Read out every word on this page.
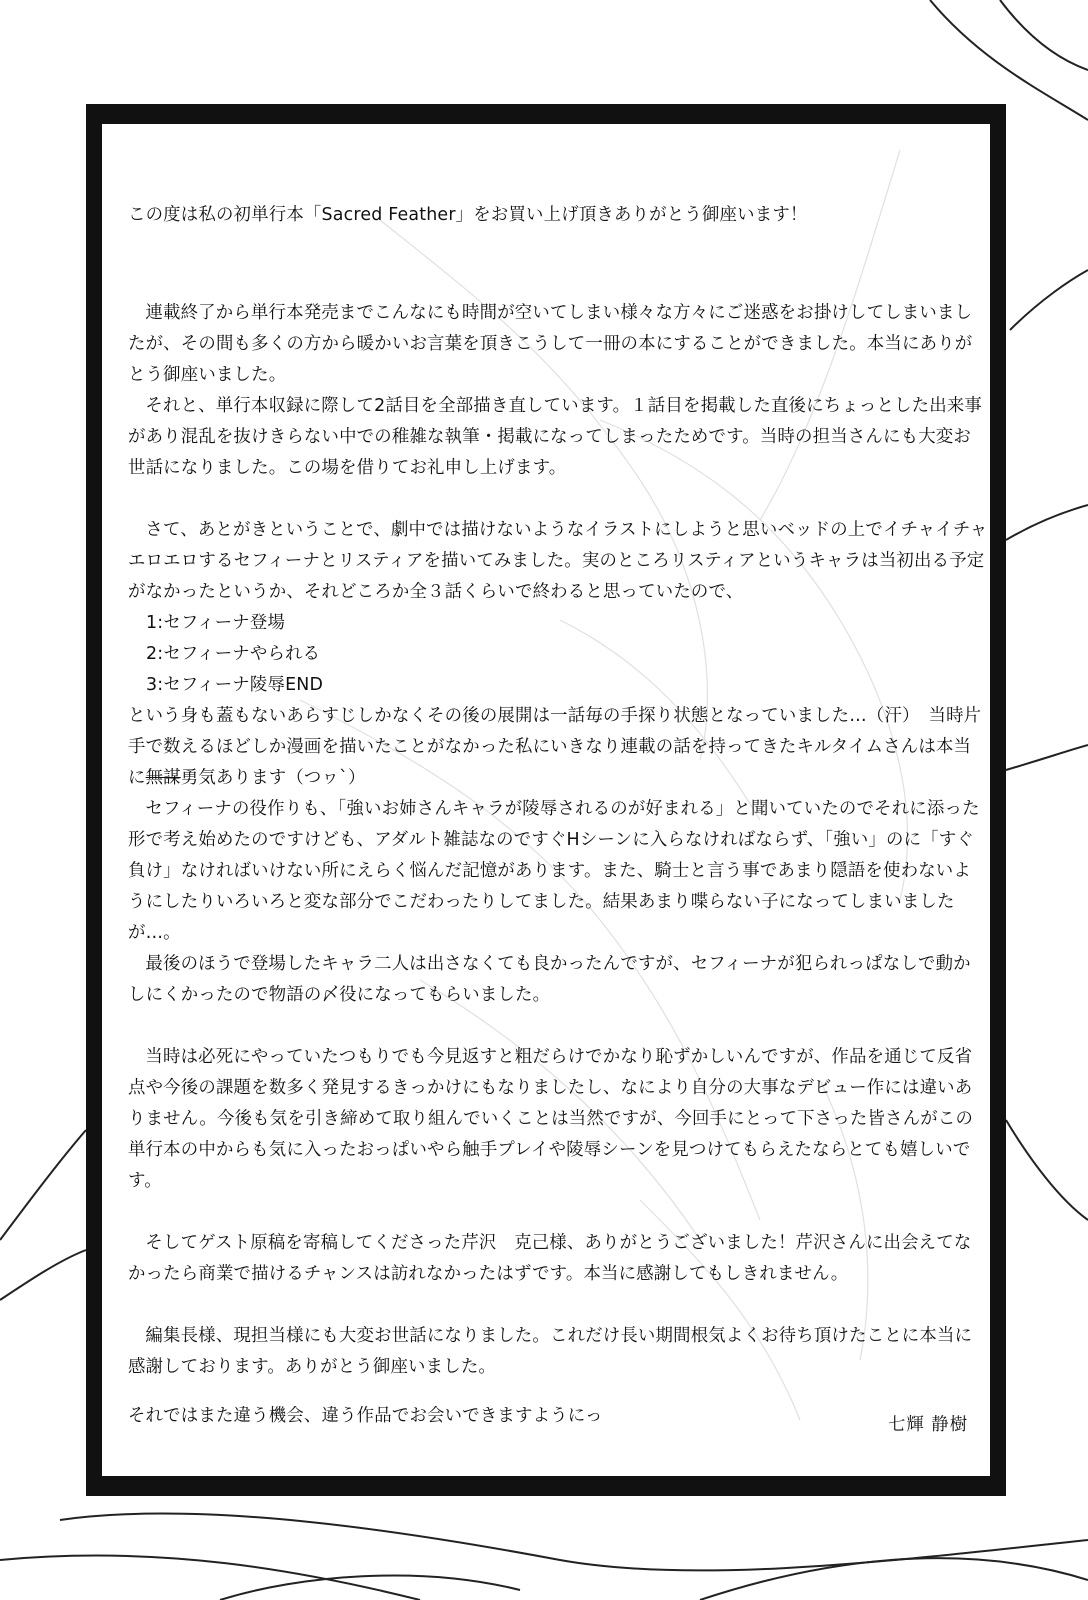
この度は私の初単行本「Sacred Feather」をお買い上げ頂きありがとう御座います！

連載終了から単行本発売までこんなにも時間が空いてしまい様々な方々にご迷惑をお掛けしてしまいましたが、その間も多くの方から暖かいお言葉を頂きこうして一冊の本にすることができました。本当にありがとう御座いました。

それと、単行本収録に際して2話目を全部描き直しています。１話目を掲載した直後にちょっとした出来事があり混乱を抜けきらない中での稚雑な執筆・掲載になってしまったためです。当時の担当さんにも大変お世話になりました。この場を借りてお礼申し上げます。

さて、あとがきということで、劇中では描けないようなイラストにしようと思いベッドの上でイチャイチャエロエロするセフィーナとリスティアを描いてみました。実のところリスティアというキャラは当初出る予定がなかったというか、それどころか全３話くらいで終わると思っていたので、

1:セフィーナ登場

2:セフィーナやられる

3:セフィーナ陵辱END

という身も蓋もないあらすじしかなくその後の展開は一話毎の手探り状態となっていました…（汗）　当時片手で数えるほどしか漫画を描いたことがなかった私にいきなり連載の話を持ってきたキルタイムさんは本当に無謀勇気あります（つヮ`）

セフィーナの役作りも、「強いお姉さんキャラが陵辱されるのが好まれる」と聞いていたのでそれに添った形で考え始めたのですけども、アダルト雑誌なのですぐHシーンに入らなければならず、「強い」のに「すぐ負け」なければいけない所にえらく悩んだ記憶があります。また、騎士と言う事であまり隠語を使わないようにしたりいろいろと変な部分でこだわったりしてました。結果あまり喋らない子になってしまいましたが…。

最後のほうで登場したキャラ二人は出さなくても良かったんですが、セフィーナが犯られっぱなしで動かしにくかったので物語の〆役になってもらいました。

当時は必死にやっていたつもりでも今見返すと粗だらけでかなり恥ずかしいんですが、作品を通じて反省点や今後の課題を数多く発見するきっかけにもなりましたし、なにより自分の大事なデビュー作には違いありません。今後も気を引き締めて取り組んでいくことは当然ですが、今回手にとって下さった皆さんがこの単行本の中からも気に入ったおっぱいやら触手プレイや陵辱シーンを見つけてもらえたならとても嬉しいです。

そしてゲスト原稿を寄稿してくださった芹沢　克己様、ありがとうございました！芹沢さんに出会えてなかったら商業で描けるチャンスは訪れなかったはずです。本当に感謝してもしきれません。

編集長様、現担当様にも大変お世話になりました。これだけ長い期間根気よくお待ち頂けたことに本当に感謝しております。ありがとう御座いました。

それではまた違う機会、違う作品でお会いできますようにっ	七輝 静樹
